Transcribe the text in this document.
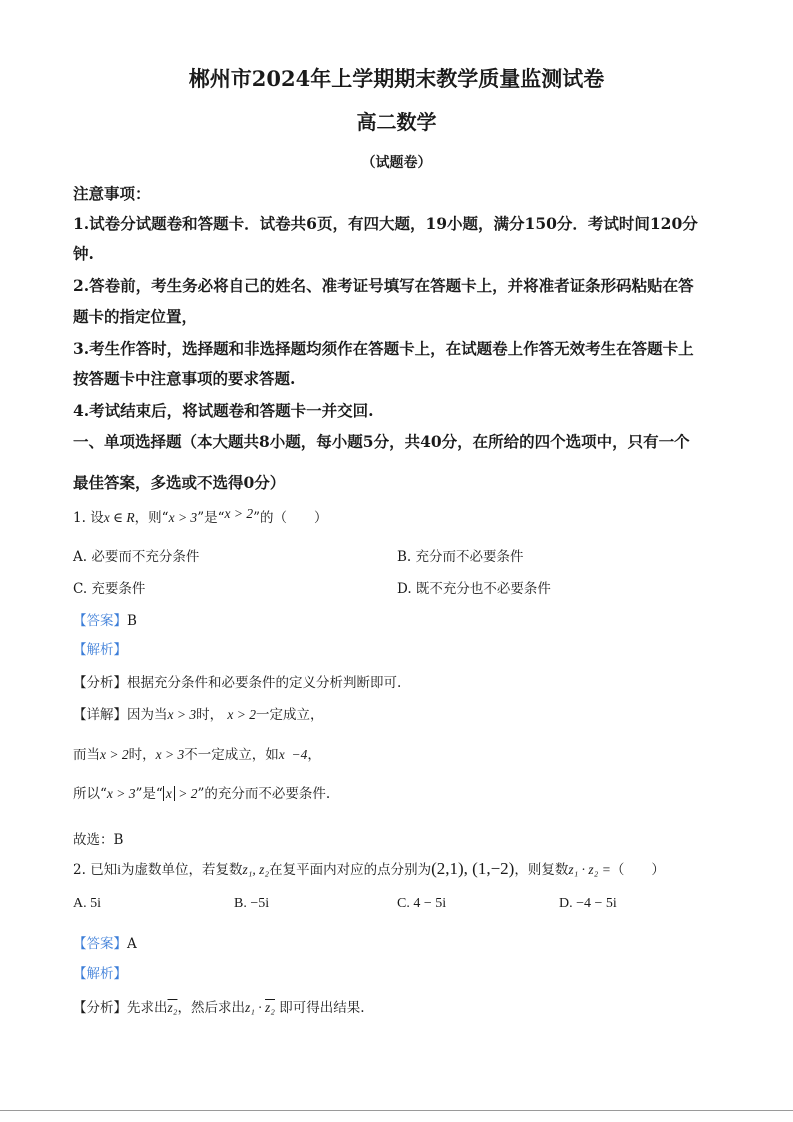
郴州市2024年上学期期末教学质量监测试卷
高二数学
（试题卷）
注意事项：
1.试卷分试题卷和答题卡．试卷共6页，有四大题，19小题，满分150分．考试时间120分
钟.
2.答卷前，考生务必将自己的姓名、准考证号填写在答题卡上，并将准者证条形码粘贴在答
题卡的指定位置，
3.考生作答时，选择题和非选择题均须作在答题卡上，在试题卷上作答无效考生在答题卡上
按答题卡中注意事项的要求答题.
4.考试结束后，将试题卷和答题卡一并交回.
一、单项选择题（本大题共8小题，每小题5分，共40分，在所给的四个选项中，只有一个
最佳答案，多选或不选得0分）
1. 设x ∈ R，则“x > 3”是“x > 2”的（　　）
A. 必要而不充分条件	B. 充分而不必要条件
C. 充要条件	D. 既不充分也不必要条件
【答案】B
【解析】
【分析】根据充分条件和必要条件的定义分析判断即可.
【详解】因为当x > 3时， x > 2一定成立，
而当x > 2时，x > 3不一定成立，如x  −4，
所以“x > 3”是“ x > 2”的充分而不必要条件.
故选：B
2. 已知i为虚数单位，若复数z₁, z₂在复平面内对应的点分别为(2,1), (1,−2)，则复数z₁ · z₂ =（　　）
A. 5i	B. −5i	C. 4 − 5i	D. −4 − 5i
【答案】A
【解析】
【分析】先求出z₂，然后求出z₁ · z₂ 即可得出结果.
